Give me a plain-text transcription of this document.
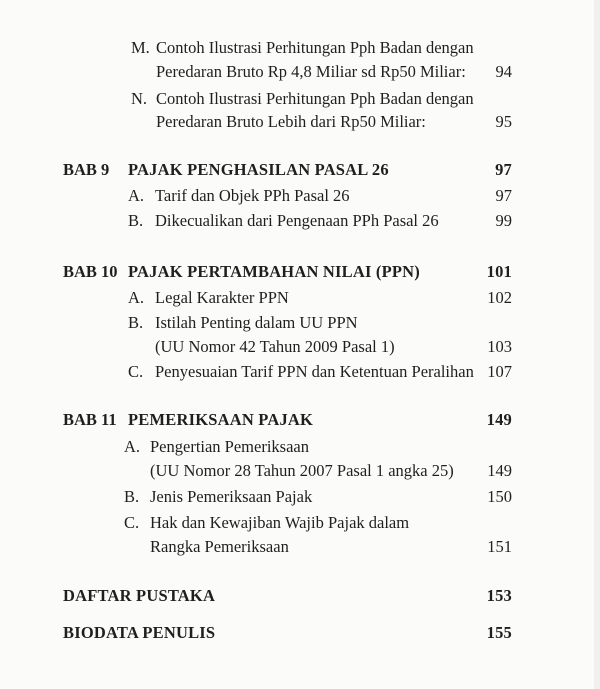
M. Contoh Ilustrasi Perhitungan Pph Badan dengan
Peredaran Bruto Rp 4,8 Miliar sd Rp50 Miliar:	94
N. Contoh Ilustrasi Perhitungan Pph Badan dengan
Peredaran Bruto Lebih dari Rp50 Miliar:	95
BAB 9 PAJAK PENGHASILAN PASAL 26	97
A. Tarif dan Objek PPh Pasal 26	97
B. Dikecualikan dari Pengenaan PPh Pasal 26	99
BAB 10 PAJAK PERTAMBAHAN NILAI (PPN)	101
A. Legal Karakter PPN	102
B. Istilah Penting dalam UU PPN
(UU Nomor 42 Tahun 2009 Pasal 1)	103
C. Penyesuaian Tarif PPN dan Ketentuan Peralihan 107
BAB 11 PEMERIKSAAN PAJAK	149
A. Pengertian Pemeriksaan
(UU Nomor 28 Tahun 2007 Pasal 1 angka 25)	149
B. Jenis Pemeriksaan Pajak	150
C. Hak dan Kewajiban Wajib Pajak dalam
Rangka Pemeriksaan	151
DAFTAR PUSTAKA	153
BIODATA PENULIS	155
